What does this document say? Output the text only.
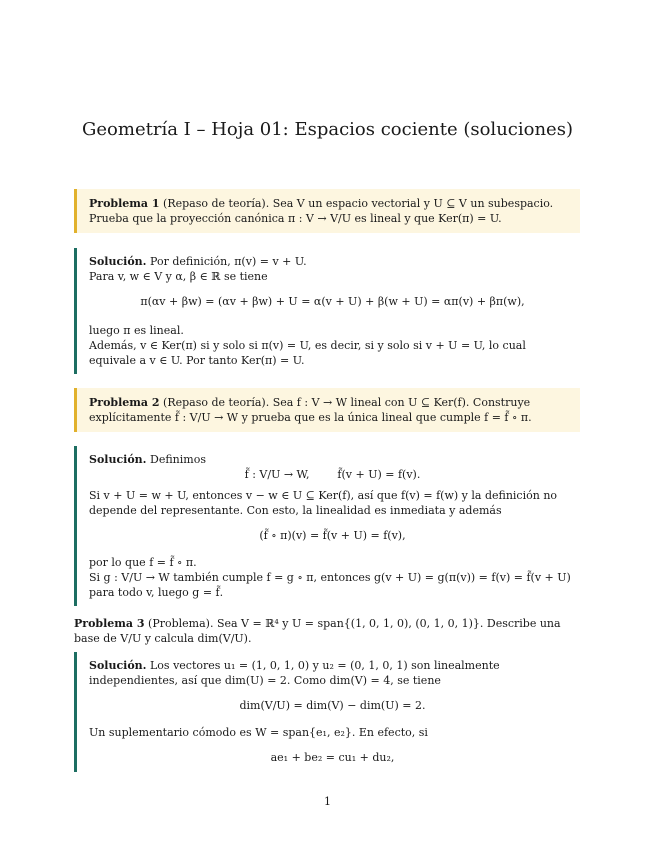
Geometría I – Hoja 01: Espacios cociente (soluciones)

Problema 1 (Repaso de teoría). Sea V un espacio vectorial y U ⊆ V un subespacio. Prueba que la proyección canónica π : V → V/U es lineal y que Ker(π) = U.

Solución. Por definición, π(v) = v + U.

Para v, w ∈ V y α, β ∈ ℝ se tiene

π(αv + βw) = (αv + βw) + U = α(v + U) + β(w + U) = απ(v) + βπ(w),

luego π es lineal.

Además, v ∈ Ker(π) si y solo si π(v) = U, es decir, si y solo si v + U = U, lo cual equivale a v ∈ U. Por tanto Ker(π) = U.

Problema 2 (Repaso de teoría). Sea f : V → W lineal con U ⊆ Ker(f). Construye explícitamente f̃ : V/U → W y prueba que es la única lineal que cumple f = f̃ ∘ π.

Solución. Definimos

f̃ : V/U → W,        f̃(v + U) = f(v).

Si v + U = w + U, entonces v − w ∈ U ⊆ Ker(f), así que f(v) = f(w) y la definición no depende del representante. Con esto, la linealidad es inmediata y además

(f̃ ∘ π)(v) = f̃(v + U) = f(v),

por lo que f = f̃ ∘ π.

Si g : V/U → W también cumple f = g ∘ π, entonces g(v + U) = g(π(v)) = f(v) = f̃(v + U) para todo v, luego g = f̃.

Problema 3 (Problema). Sea V = ℝ⁴ y U = span{(1, 0, 1, 0), (0, 1, 0, 1)}. Describe una base de V/U y calcula dim(V/U).

Solución. Los vectores u₁ = (1, 0, 1, 0) y u₂ = (0, 1, 0, 1) son linealmente independientes, así que dim(U) = 2. Como dim(V) = 4, se tiene

dim(V/U) = dim(V) − dim(U) = 2.

Un suplementario cómodo es W = span{e₁, e₂}. En efecto, si

ae₁ + be₂ = cu₁ + du₂,
1
